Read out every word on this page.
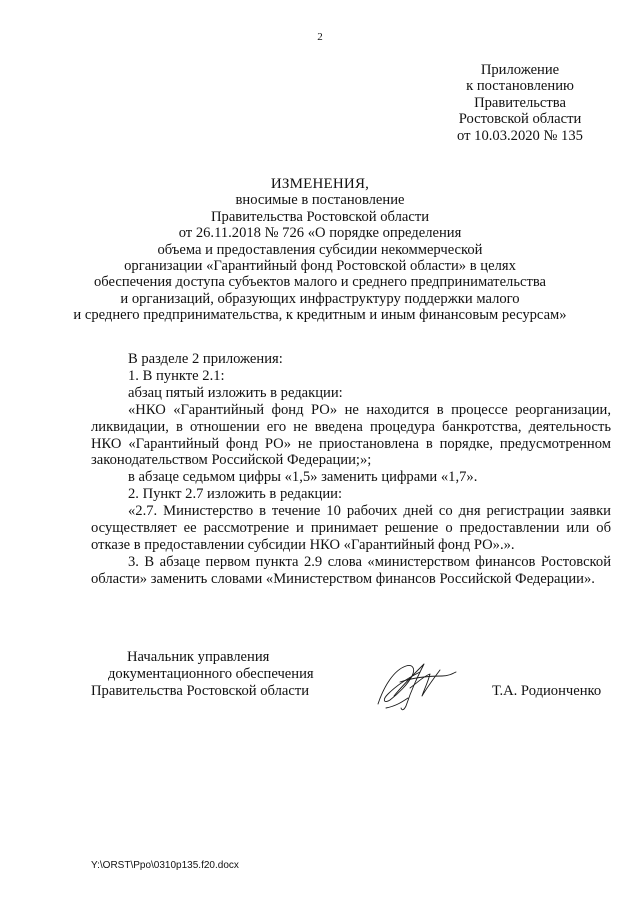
2
Приложение
к постановлению
Правительства
Ростовской области
от 10.03.2020 № 135
ИЗМЕНЕНИЯ,
вносимые в постановление
Правительства Ростовской области
от 26.11.2018 № 726 «О порядке определения
объема и предоставления субсидии некоммерческой
организации «Гарантийный фонд Ростовской области» в целях
обеспечения доступа субъектов малого и среднего предпринимательства
и организаций, образующих инфраструктуру поддержки малого
и среднего предпринимательства, к кредитным и иным финансовым ресурсам»

В разделе 2 приложения:

1. В пункте 2.1:

абзац пятый изложить в редакции:

«НКО «Гарантийный фонд РО» не находится в процессе реорганизации, ликвидации, в отношении его не введена процедура банкротства, деятельность НКО «Гарантийный фонд РО» не приостановлена в порядке, предусмотренном законодательством Российской Федерации;»;

в абзаце седьмом цифры «1,5» заменить цифрами «1,7».

2. Пункт 2.7 изложить в редакции:

«2.7. Министерство в течение 10 рабочих дней со дня регистрации заявки осуществляет ее рассмотрение и принимает решение о предоставлении или об отказе в предоставлении субсидии НКО «Гарантийный фонд РО».».

3. В абзаце первом пункта 2.9 слова «министерством финансов Ростовской области» заменить словами «Министерством финансов Российской Федерации».

Начальник управления
документационного обеспечения
Правительства Ростовской области	Т.А. Родионченко
Y:\ORST\Ppo\0310p135.f20.docx
